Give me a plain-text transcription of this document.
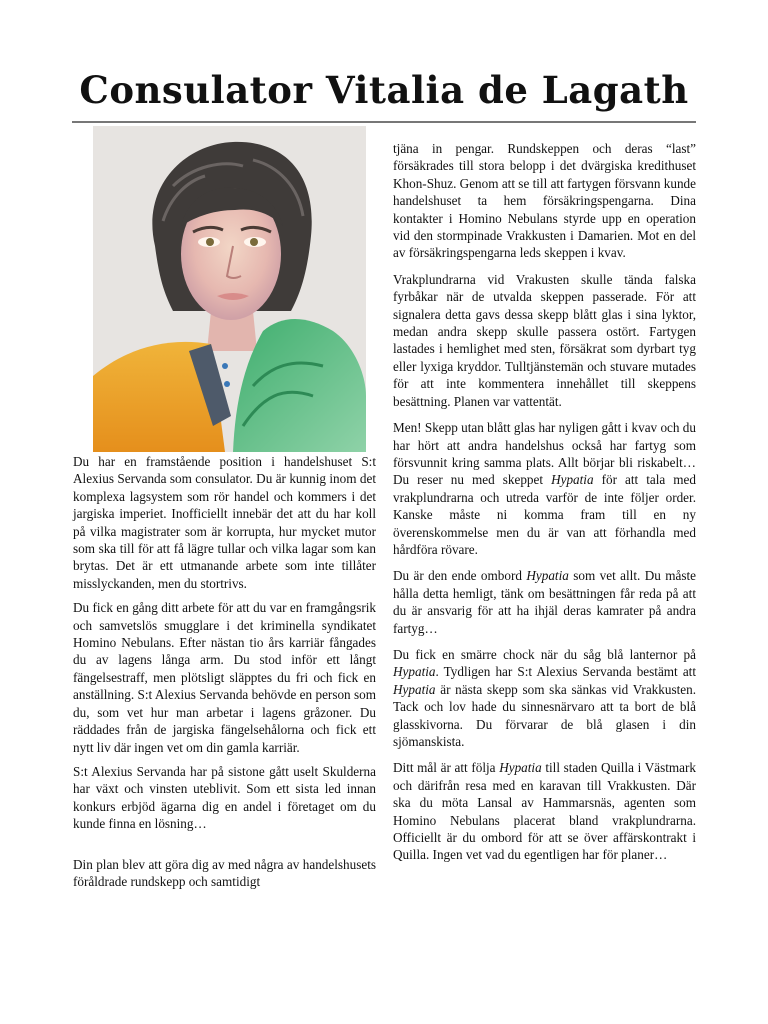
Consulator Vitalia de Lagath

Du har en framstående position i handelshuset S:t Alexius Servanda som consulator. Du är kunnig inom det komplexa lagsystem som rör handel och kommers i det jargiska imperiet. Inofficiellt innebär det att du har koll på vilka magistrater som är korrupta, hur mycket mutor som ska till för att få lägre tullar och vilka lagar som kan brytas. Det är ett utmanande arbete som inte tillåter misslyckanden, men du stortrivs.

Du fick en gång ditt arbete för att du var en framgångsrik och samvetslös smugglare i det kriminella syndikatet Homino Nebulans. Efter nästan tio års karriär fångades du av lagens långa arm. Du stod inför ett långt fängelsestraff, men plötsligt släpptes du fri och fick en anställning. S:t Alexius Servanda behövde en person som du, som vet hur man arbetar i lagens gråzoner. Du räddades från de jargiska fängelsehålorna och fick ett nytt liv där ingen vet om din gamla karriär.

S:t Alexius Servanda har på sistone gått uselt Skulderna har växt och vinsten uteblivit. Som ett sista led innan konkurs erbjöd ägarna dig en andel i företaget om du kunde finna en lösning…

Din plan blev att göra dig av med några av handelshusets föråldrade rundskepp och samtidigt

tjäna in pengar. Rundskeppen och deras “last” försäkrades till stora belopp i det dvärgiska kredithuset Khon-Shuz. Genom att se till att fartygen försvann kunde handelshuset ta hem försäkringspengarna. Dina kontakter i Homino Nebulans styrde upp en operation vid den stormpinade Vrakkusten i Damarien. Mot en del av försäkringspengarna leds skeppen i kvav.

Vrakplundrarna vid Vrakusten skulle tända falska fyrbåkar när de utvalda skeppen passerade. För att signalera detta gavs dessa skepp blått glas i sina lyktor, medan andra skepp skulle passera ostört. Fartygen lastades i hemlighet med sten, försäkrat som dyrbart tyg eller lyxiga kryddor. Tulltjänstemän och stuvare mutades för att inte kommentera innehållet till skeppens besättning. Planen var vattentät.

Men! Skepp utan blått glas har nyligen gått i kvav och du har hört att andra handelshus också har fartyg som försvunnit kring samma plats. Allt börjar bli riskabelt… Du reser nu med skeppet Hypatia för att tala med vrakplundrarna och utreda varför de inte följer order. Kanske måste ni komma fram till en ny överenskommelse men du är van att förhandla med hårdföra rövare.

Du är den ende ombord Hypatia som vet allt. Du måste hålla detta hemligt, tänk om besättningen får reda på att du är ansvarig för att ha ihjäl deras kamrater på andra fartyg…

Du fick en smärre chock när du såg blå lanternor på Hypatia. Tydligen har S:t Alexius Servanda bestämt att Hypatia är nästa skepp som ska sänkas vid Vrakkusten. Tack och lov hade du sinnesnärvaro att ta bort de blå glasskivorna. Du förvarar de blå glasen i din sjömanskista.

Ditt mål är att följa Hypatia till staden Quilla i Västmark och därifrån resa med en karavan till Vrakkusten. Där ska du möta Lansal av Hammarsnäs, agenten som Homino Nebulans placerat bland vrakplundrarna. Officiellt är du ombord för att se över affärskontrakt i Quilla. Ingen vet vad du egentligen har för planer…
